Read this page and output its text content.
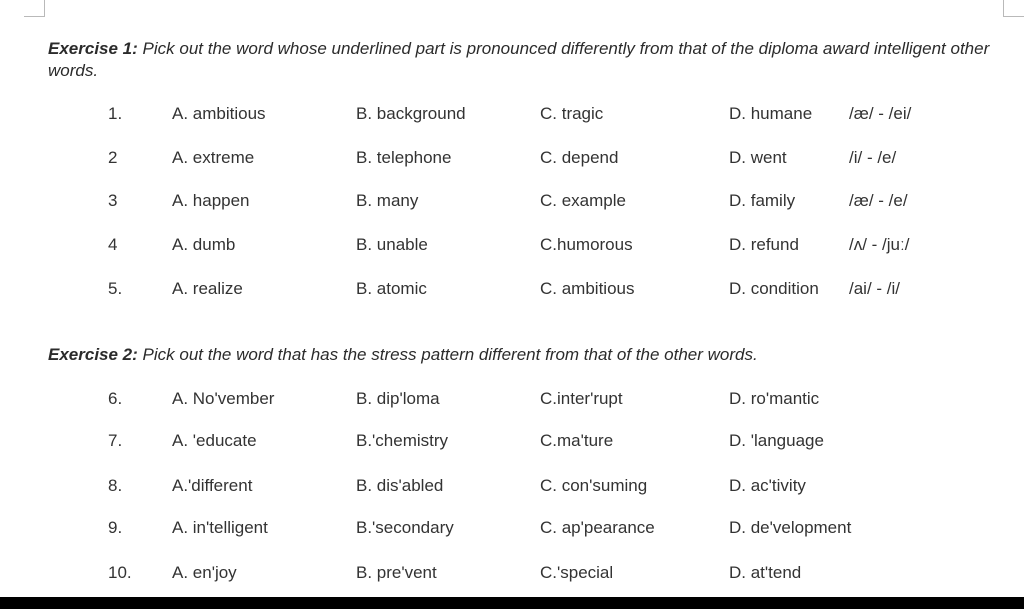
Exercise 1: Pick out the word whose underlined part is pronounced differently from that of the diploma award intelligent other words.
1.	A. ambitious	B. background	C. tragic	D. humane /æ/ - /ei/
2	A. extreme	B. telephone	C. depend	D. went	/i/ - /e/
3	A. happen	B. many	C. example	D. family	/æ/ - /e/
4	A. dumb	B. unable	C.humorous	D. refund	/ʌ/ - /juː/
5.	A. realize	B. atomic	C. ambitious	D. condition /ai/ - /i/
Exercise 2: Pick out the word that has the stress pattern different from that of the other words.
6.	A. No'vember	B. dip'loma	C.inter'rupt	D. ro'mantic
7.	A. 'educate	B.'chemistry	C.ma'ture	D. 'language
8.	A.'different	B. dis'abled	C. con'suming	D. ac'tivity
9.	A. in'telligent	B.'secondary	C. ap'pearance	D. de'velopment
10. A. en'joy	B. pre'vent	C.'special	D. at'tend
